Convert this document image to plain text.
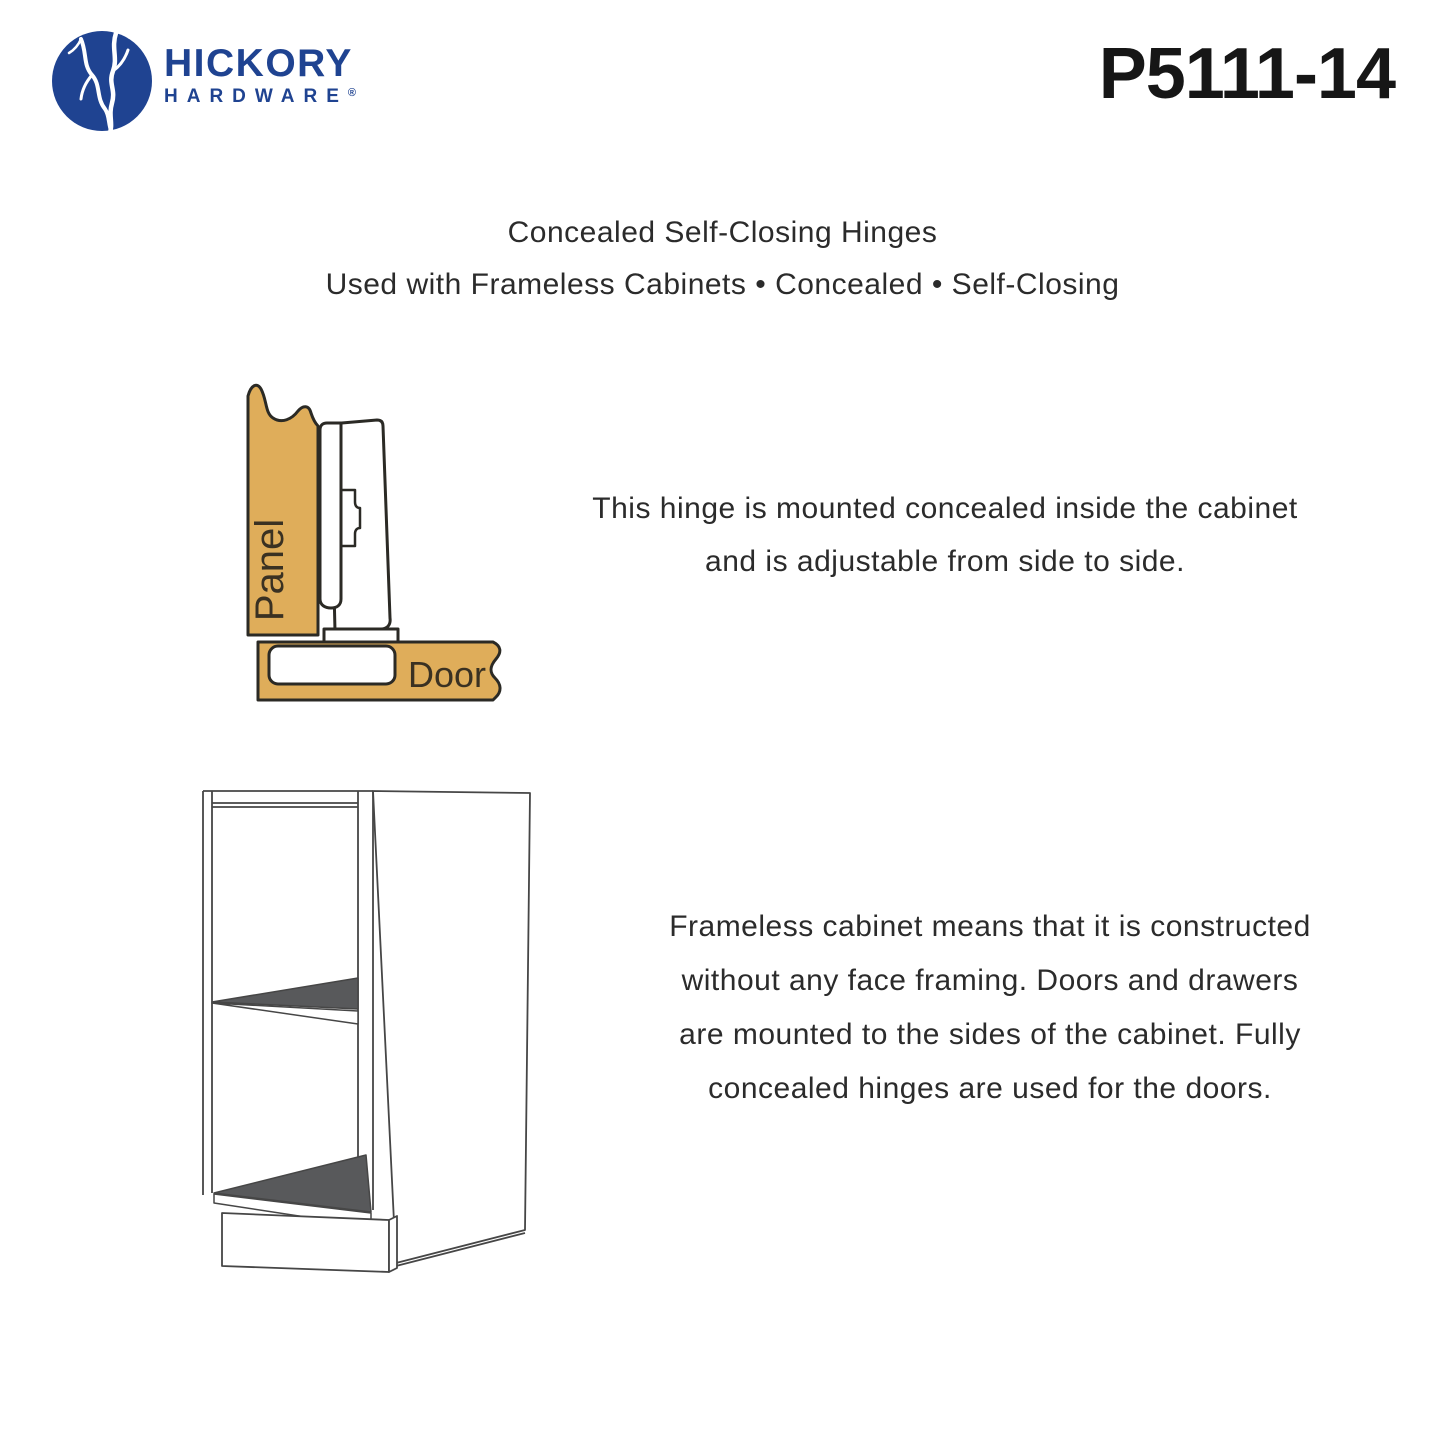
HICKORY
HARDWARE®	P5111-14
Concealed Self-Closing Hinges
Used with Frameless Cabinets • Concealed • Self-Closing
Panel
Door
This hinge is mounted concealed inside the cabinet
and is adjustable from side to side.
Frameless cabinet means that it is constructed
without any face framing. Doors and drawers
are mounted to the sides of the cabinet. Fully
concealed hinges are used for the doors.
